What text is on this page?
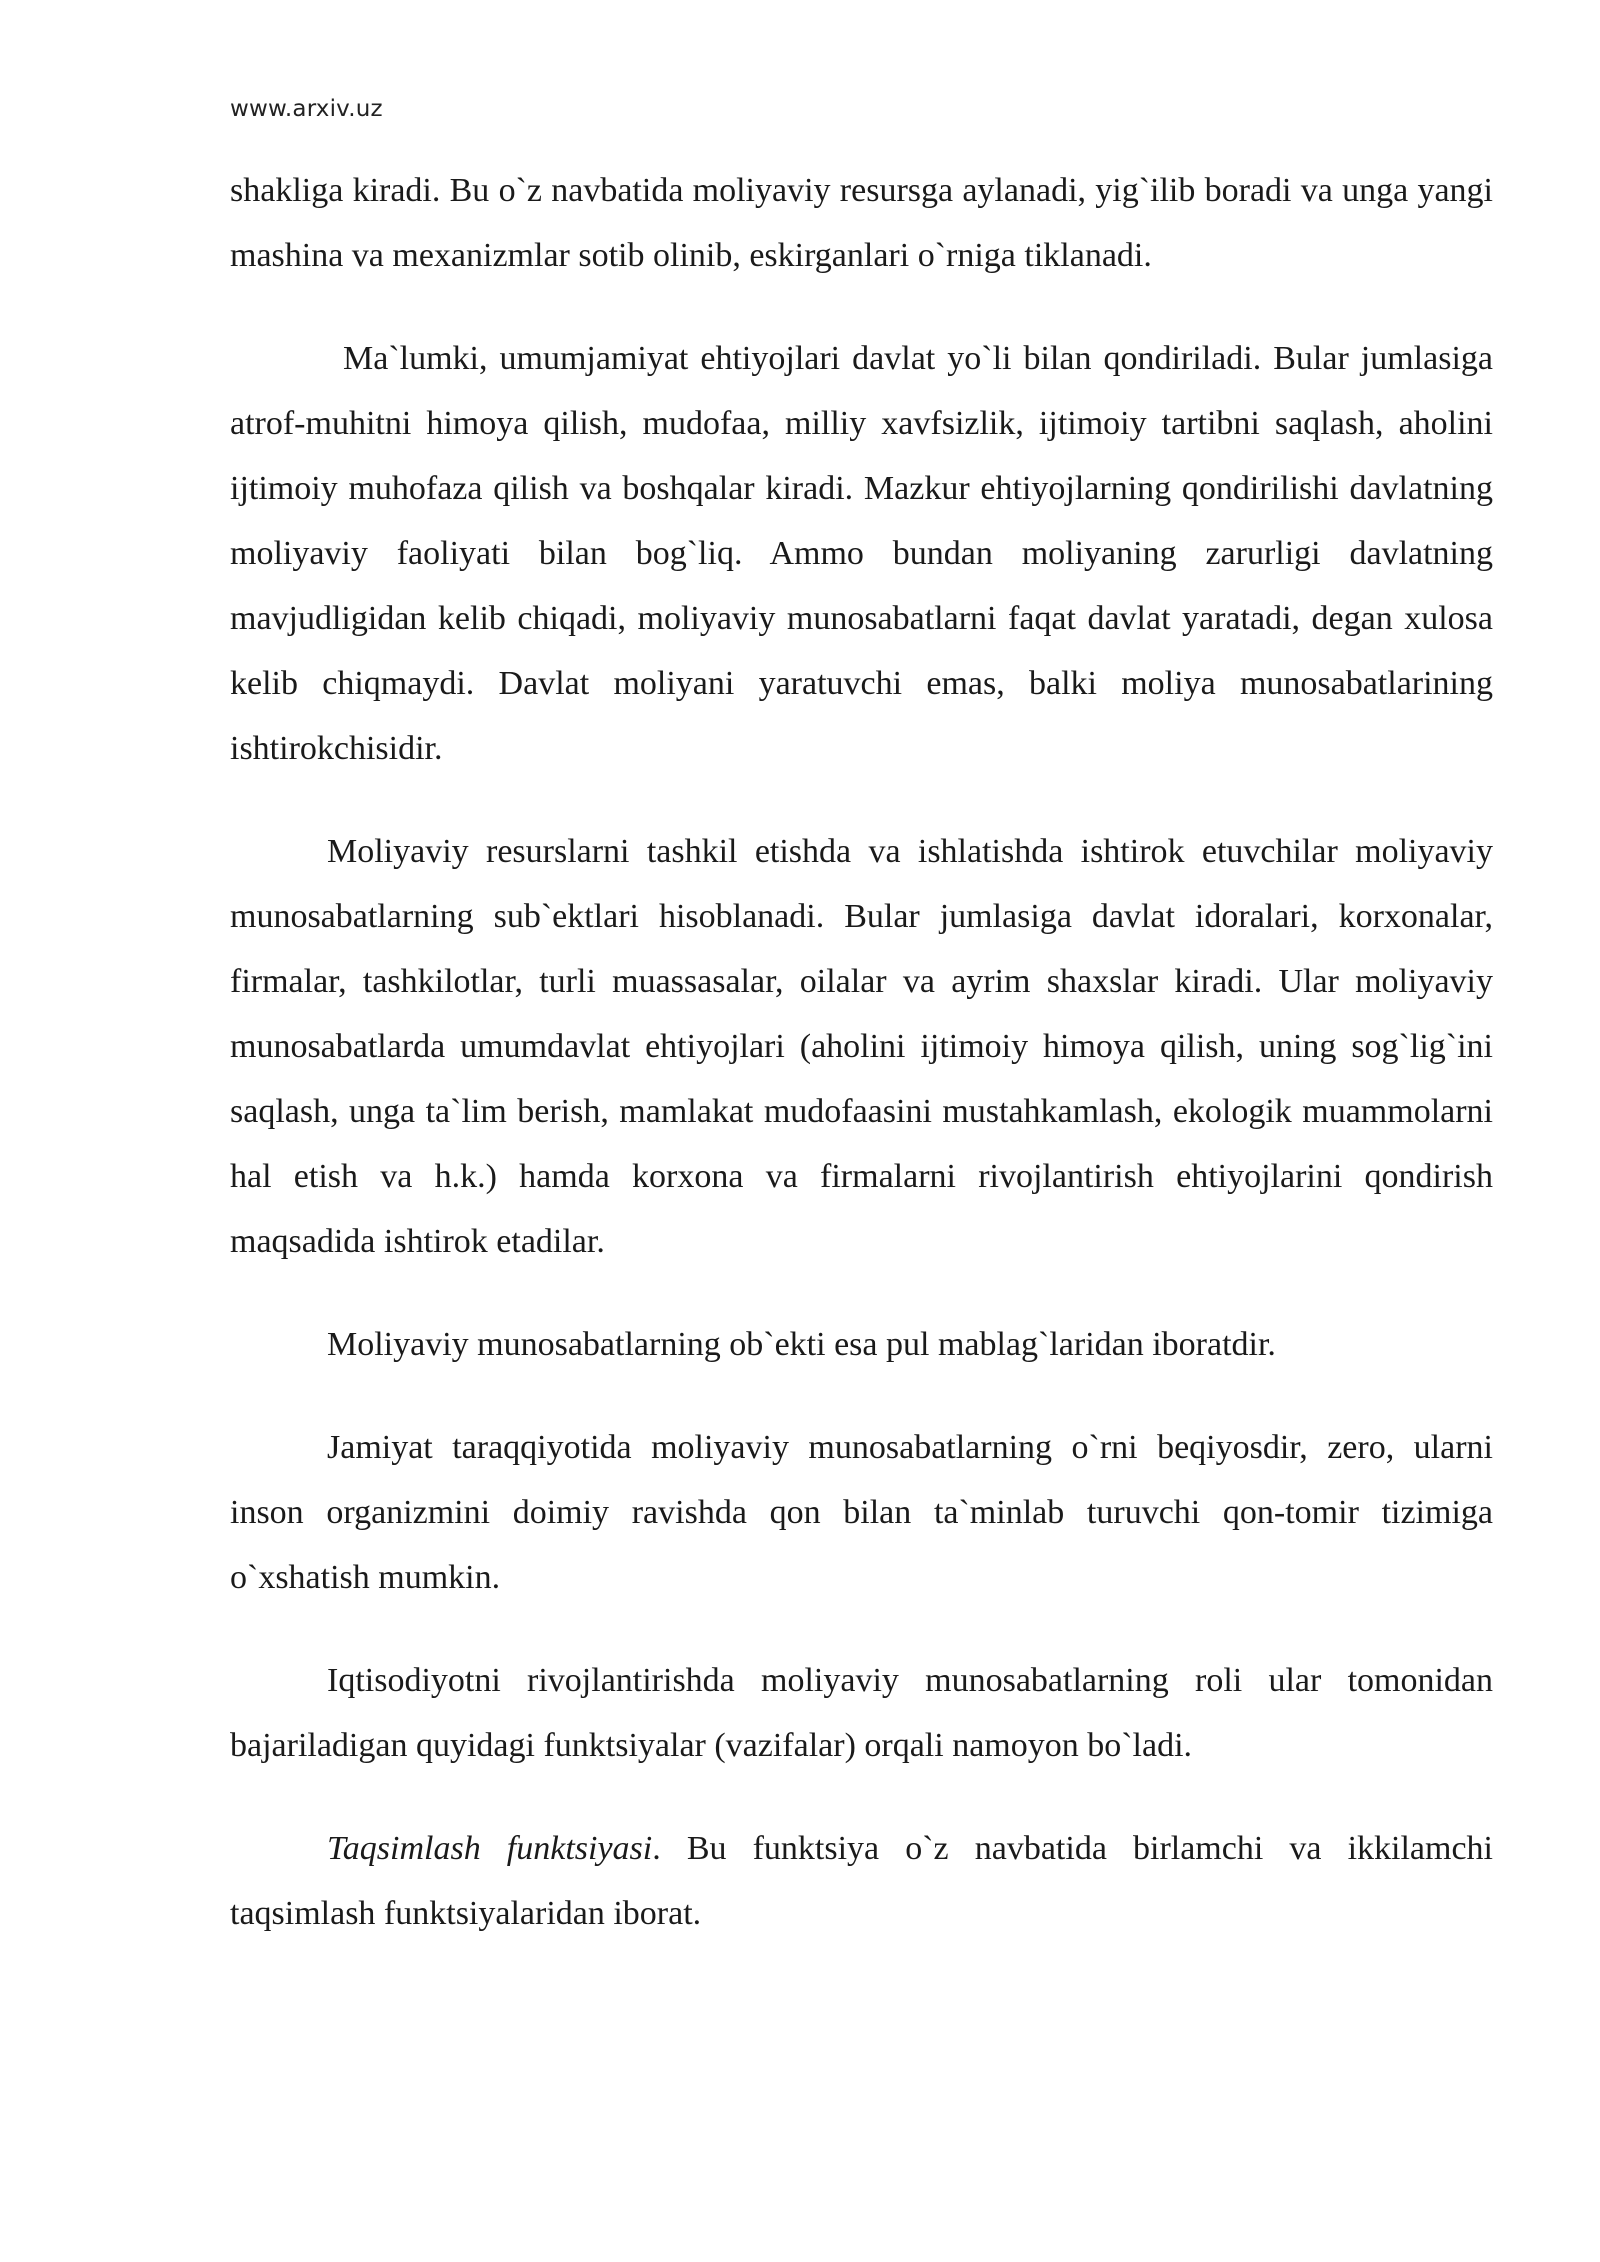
www.arxiv.uz

shakliga kiradi. Bu o`z navbatida moliyaviy resursga aylanadi, yig`ilib boradi va unga yangi mashina va mexanizmlar sotib olinib, eskirganlari o`rniga tiklanadi.

Ma`lumki, umumjamiyat ehtiyojlari davlat yo`li bilan qondiriladi. Bular jumlasiga atrof-muhitni himoya qilish, mudofaa, milliy xavfsizlik, ijtimoiy tartibni saqlash, aholini ijtimoiy muhofaza qilish va boshqalar kiradi. Mazkur ehtiyojlarning qondirilishi davlatning moliyaviy faoliyati bilan bog`liq. Ammo bundan moliyaning zarurligi davlatning mavjudligidan kelib chiqadi, moliyaviy munosabatlarni faqat davlat yaratadi, degan xulosa kelib chiqmaydi. Davlat moliyani yaratuvchi emas, balki moliya munosabatlarining ishtirokchisidir.

Moliyaviy resurslarni tashkil etishda va ishlatishda ishtirok etuvchilar moliyaviy munosabatlarning sub`ektlari hisoblanadi. Bular jumlasiga davlat idoralari, korxonalar, firmalar, tashkilotlar, turli muassasalar, oilalar va ayrim shaxslar kiradi. Ular moliyaviy munosabatlarda umumdavlat ehtiyojlari (aholini ijtimoiy himoya qilish, uning sog`lig`ini saqlash, unga ta`lim berish, mamlakat mudofaasini mustahkamlash, ekologik muammolarni hal etish va h.k.) hamda korxona va firmalarni rivojlantirish ehtiyojlarini qondirish maqsadida ishtirok etadilar.

Moliyaviy munosabatlarning ob`ekti esa pul mablag`laridan iboratdir.

Jamiyat taraqqiyotida moliyaviy munosabatlarning o`rni beqiyosdir, zero, ularni inson organizmini doimiy ravishda qon bilan ta`minlab turuvchi qon-tomir tizimiga o`xshatish mumkin.

Iqtisodiyotni rivojlantirishda moliyaviy munosabatlarning roli ular tomonidan bajariladigan quyidagi funktsiyalar (vazifalar) orqali namoyon bo`ladi.

Taqsimlash funktsiyasi. Bu funktsiya o`z navbatida birlamchi va ikkilamchi taqsimlash funktsiyalaridan iborat.
